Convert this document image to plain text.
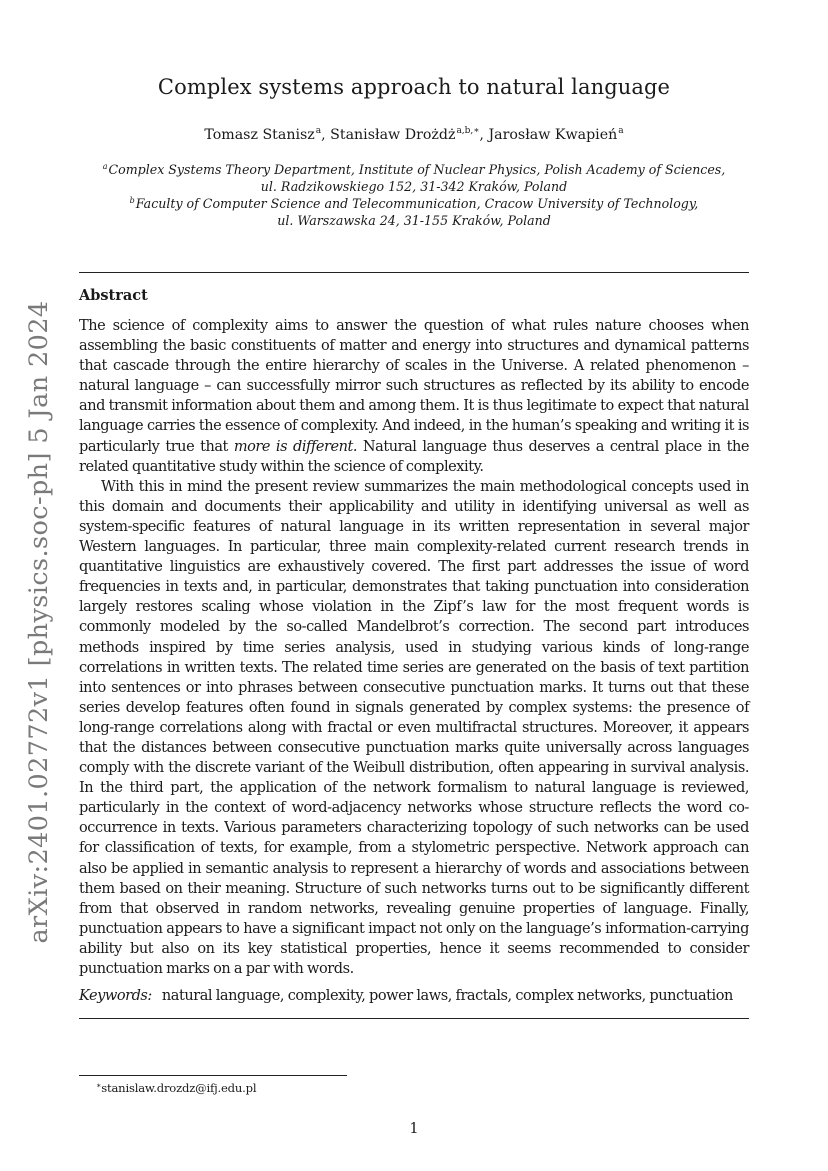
arXiv:2401.02772v1 [physics.soc-ph] 5 Jan 2024
Complex systems approach to natural language
Tomasz Stanisz$^a$, Stanisław Drożdż$^{a,b,∗}$, Jarosław Kwapień$^a$
$^a$Complex Systems Theory Department, Institute of Nuclear Physics, Polish Academy of Sciences,
ul. Radzikowskiego 152, 31-342 Kraków, Poland
$^b$Faculty of Computer Science and Telecommunication, Cracow University of Technology,
ul. Warszawska 24, 31-155 Kraków, Poland
Abstract

The science of complexity aims to answer the question of what rules nature chooses when assembling the basic constituents of matter and energy into structures and dynamical patterns that cascade through the entire hierarchy of scales in the Universe. A related phenomenon – natural language – can successfully mirror such structures as reflected by its ability to encode and transmit information about them and among them. It is thus legitimate to expect that natural language carries the essence of complexity. And indeed, in the human’s speaking and writing it is particularly true that more is different. Natural language thus deserves a central place in the related quantitative study within the science of complexity.

With this in mind the present review summarizes the main methodological concepts used in this domain and documents their applicability and utility in identifying universal as well as system-specific features of natural language in its written representation in several major Western languages. In particular, three main complexity-related current research trends in quantitative linguistics are exhaustively covered. The first part addresses the issue of word frequencies in texts and, in particular, demonstrates that taking punctuation into consideration largely restores scaling whose violation in the Zipf’s law for the most frequent words is commonly modeled by the so-called Mandelbrot’s correction. The second part introduces methods inspired by time series analysis, used in studying various kinds of long-range correlations in written texts. The related time series are generated on the basis of text partition into sentences or into phrases between consecutive punctuation marks. It turns out that these series develop features often found in signals generated by complex systems: the presence of long-range correlations along with fractal or even multifractal structures. Moreover, it appears that the distances between consecutive punctuation marks quite universally across languages comply with the discrete variant of the Weibull distribution, often appearing in survival analysis. In the third part, the application of the network formalism to natural language is reviewed, particularly in the context of word-adjacency networks whose structure reflects the word co-occurrence in texts. Various parameters characterizing topology of such networks can be used for classification of texts, for example, from a stylometric perspective. Network approach can also be applied in semantic analysis to represent a hierarchy of words and associations between them based on their meaning. Structure of such networks turns out to be significantly different from that observed in random networks, revealing genuine properties of language. Finally, punctuation appears to have a significant impact not only on the language’s information-carrying ability but also on its key statistical properties, hence it seems recommended to consider punctuation marks on a par with words.

Keywords: natural language, complexity, power laws, fractals, complex networks, punctuation
∗stanislaw.drozdz@ifj.edu.pl
1
